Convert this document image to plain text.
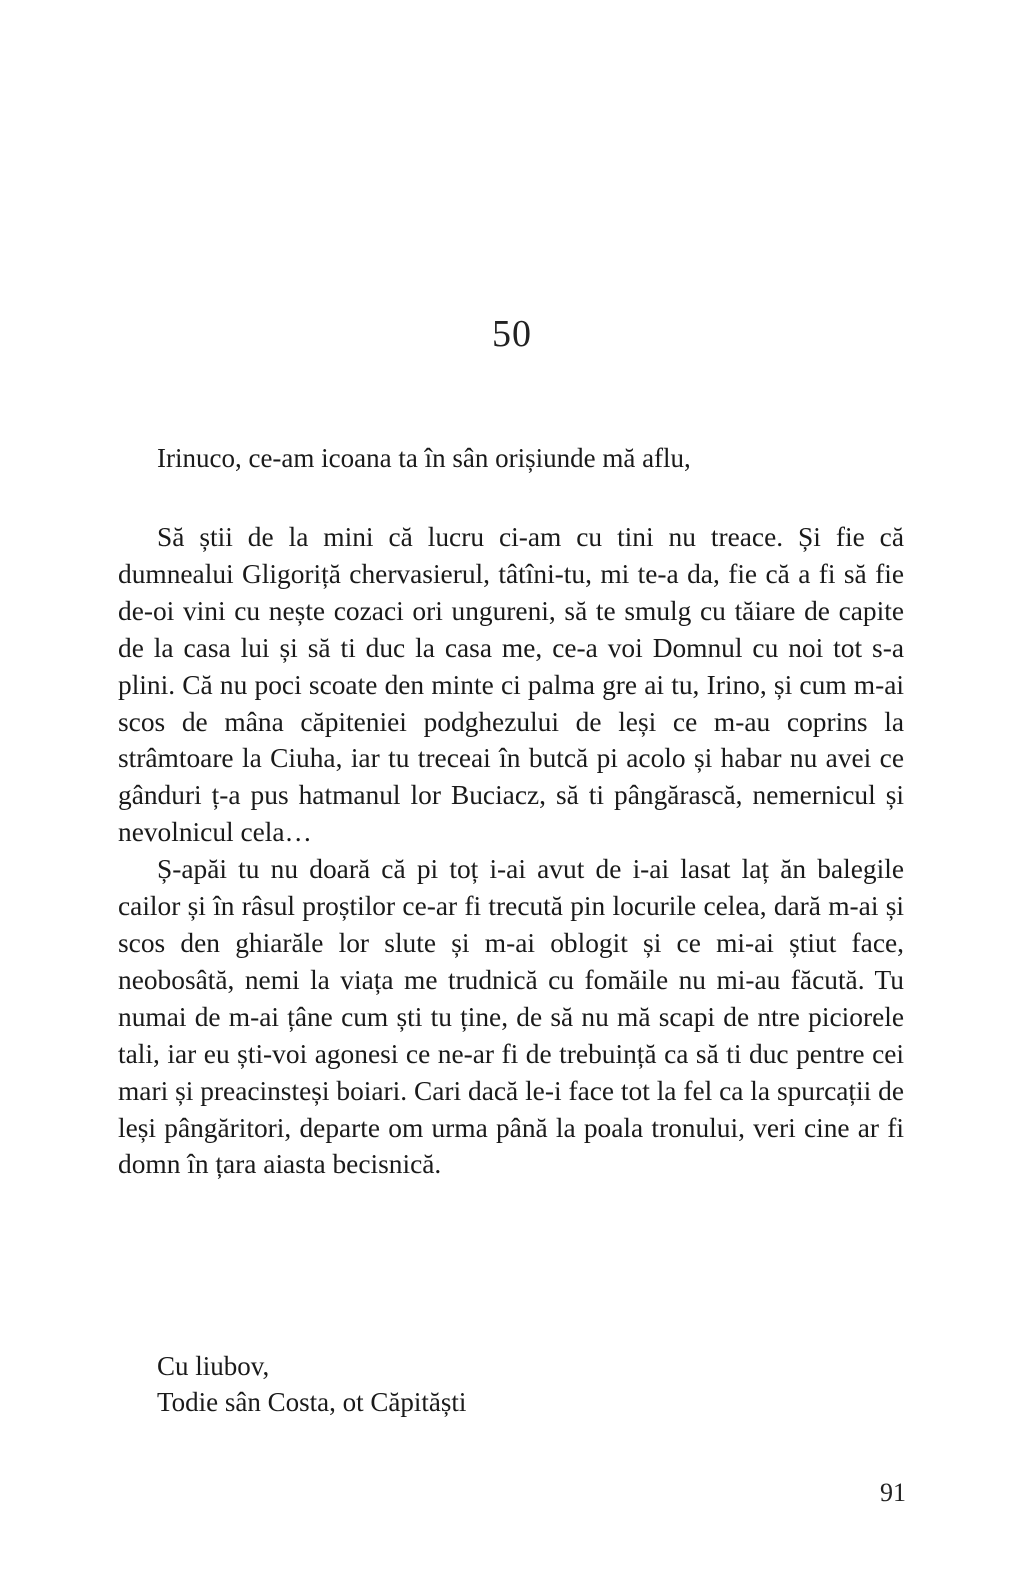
50

Irinuco, ce-am icoana ta în sân orișiunde mă aflu,

Să știi de la mini că lucru ci-am cu tini nu treace. Și fie că dumnealui Gligoriță chervasierul, tâtîni-tu, mi te-a da, fie că a fi să fie de-oi vini cu nește cozaci ori ungureni, să te smulg cu tăiare de capite de la casa lui și să ti duc la casa me, ce-a voi Domnul cu noi tot s-a plini. Că nu poci scoate den minte ci palma gre ai tu, Irino, și cum m-ai scos de mâna căpiteniei podghezului de leși ce m-au coprins la strâmtoare la Ciuha, iar tu treceai în butcă pi acolo și habar nu avei ce gânduri ț-a pus hatmanul lor Buciacz, să ti pângărască, nemernicul și nevolnicul cela…

Ș-apăi tu nu doară că pi toț i-ai avut de i-ai lasat laț ăn balegile cailor și în râsul proștilor ce-ar fi trecută pin locurile celea, dară m-ai și scos den ghiarăle lor slute și m-ai oblogit și ce mi-ai știut face, neobosâtă, nemi la viața me trudnică cu fomăile nu mi-au făcută. Tu numai de m-ai țâne cum ști tu ține, de să nu mă scapi de ntre piciorele tali, iar eu ști-voi agonesi ce ne-ar fi de trebuință ca să ti duc pentre cei mari și preacinsteși boiari. Cari dacă le-i face tot la fel ca la spurcații de leși pângăritori, departe om urma până la poala tronului, veri cine ar fi domn în țara aiasta becisnică.

Cu liubov,
Todie sân Costa, ot Căpităști
91
